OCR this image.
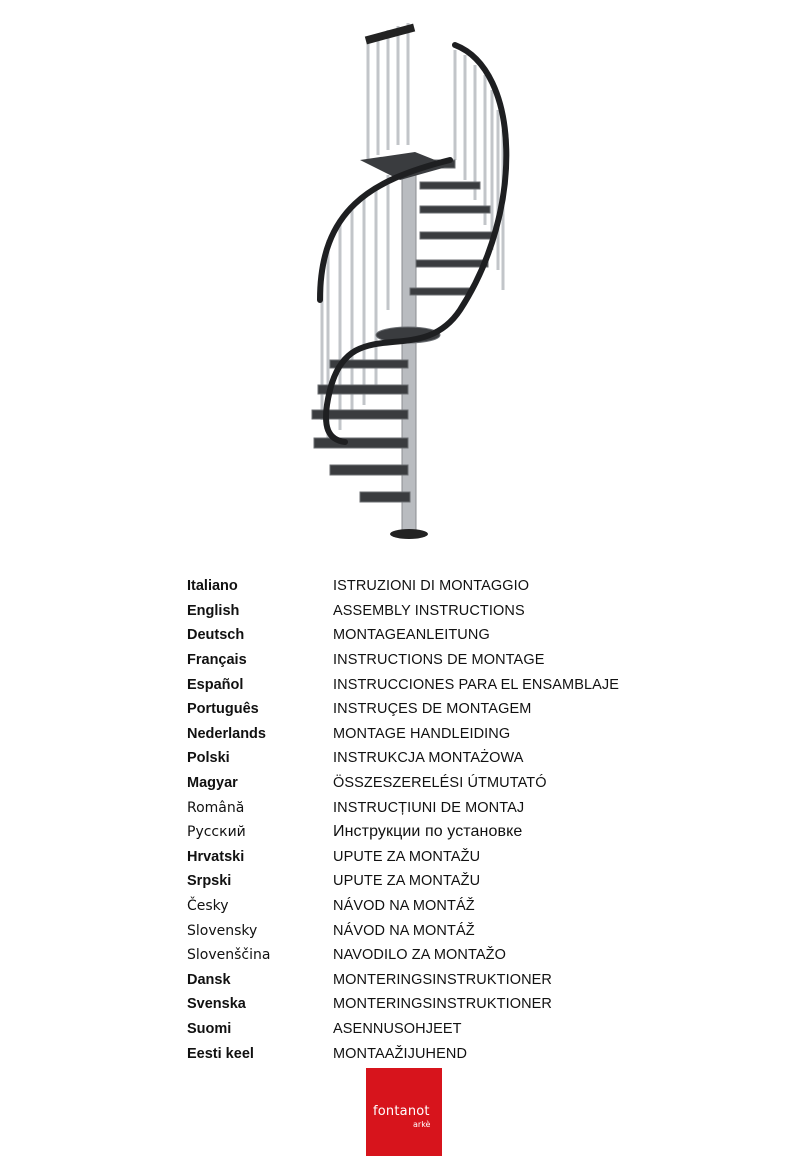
Italiano	ISTRUZIONI DI MONTAGGIO
English	ASSEMBLY INSTRUCTIONS
Deutsch	MONTAGEANLEITUNG
Français	INSTRUCTIONS DE MONTAGE
Español	INSTRUCCIONES PARA EL ENSAMBLAJE
Português	INSTRUÇES DE MONTAGEM
Nederlands	MONTAGE HANDLEIDING
Polski	INSTRUKCJA MONTAŻOWA
Magyar	ÖSSZESZERELÉSI ÚTMUTATÓ
Română	INSTRUCȚIUNI DE MONTAJ
Русский	Инструкции по установке
Hrvatski	UPUTE ZA MONTAŽU
Srpski	UPUTE ZA MONTAŽU
Česky	NÁVOD NA MONTÁŽ
Slovensky	NÁVOD NA MONTÁŽ
Slovenščina	NAVODILO ZA MONTAŽO
Dansk	MONTERINGSINSTRUKTIONER
Svenska	MONTERINGSINSTRUKTIONER
Suomi	ASENNUSOHJEET
Eesti keel	MONTAAŽIJUHEND
fontanot
arkè
